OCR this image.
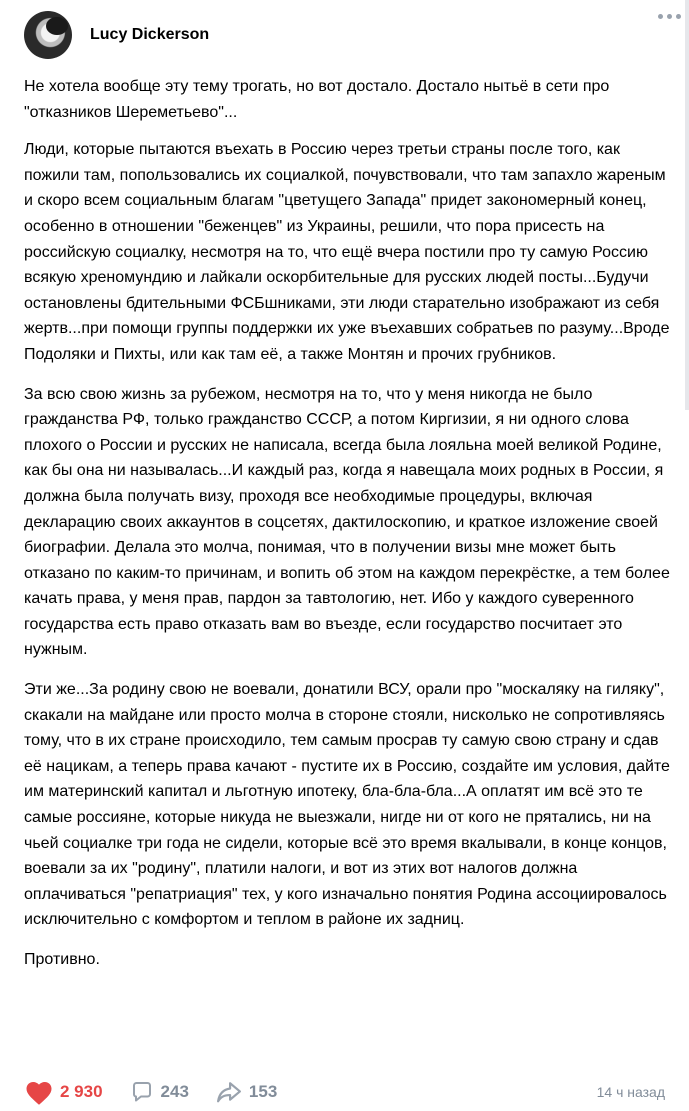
Lucy Dickerson

Не хотела вообще эту тему трогать, но вот достало. Достало нытьё в сети про "отказников Шереметьево"...

Люди, которые пытаются въехать в Россию через третьи страны после того, как пожили там, попользовались их социалкой, почувствовали, что там запахло жареным и скоро всем социальным благам "цветущего Запада" придет закономерный конец, особенно в отношении "беженцев" из Украины, решили, что пора присесть на российскую социалку, несмотря на то, что ещё вчера постили про ту самую Россию всякую хреномундию и лайкали оскорбительные для русских людей посты...Будучи остановлены бдительными ФСБшниками, эти люди старательно изображают из себя жертв...при помощи группы поддержки их уже въехавших собратьев по разуму...Вроде Подоляки и Пихты, или как там её, а также Монтян и прочих грубников.

За всю свою жизнь за рубежом, несмотря на то, что у меня никогда не было гражданства РФ, только гражданство СССР, а потом Киргизии, я ни одного слова плохого о России и русских не написала, всегда была лояльна моей великой Родине, как бы она ни называлась...И каждый раз, когда я навещала моих родных в России, я должна была получать визу, проходя все необходимые процедуры, включая декларацию своих аккаунтов в соцсетях, дактилоскопию, и краткое изложение своей биографии. Делала это молча, понимая, что в получении визы мне может быть отказано по каким-то причинам, и вопить об этом на каждом перекрёстке, а тем более качать права, у меня прав, пардон за тавтологию, нет. Ибо у каждого суверенного государства есть право отказать вам во въезде, если государство посчитает это нужным.

Эти же...За родину свою не воевали, донатили ВСУ, орали про "москаляку на гиляку", скакали на майдане или просто молча в стороне стояли, нисколько не сопротивляясь тому, что в их стране происходило, тем самым просрав ту самую свою страну и сдав её нацикам, а теперь права качают - пустите их в Россию, создайте им условия, дайте им материнский капитал и льготную ипотеку, бла-бла-бла...А оплатят им всё это те самые россияне, которые никуда не выезжали, нигде ни от кого не прятались, ни на чьей социалке три года не сидели, которые всё это время вкалывали, в конце концов, воевали за их "родину", платили налоги, и вот из этих вот налогов должна оплачиваться "репатриация" тех, у кого изначально понятия Родина ассоциировалось исключительно с комфортом и теплом в районе их задниц.

Противно.

2 930	243	153	14 ч назад
